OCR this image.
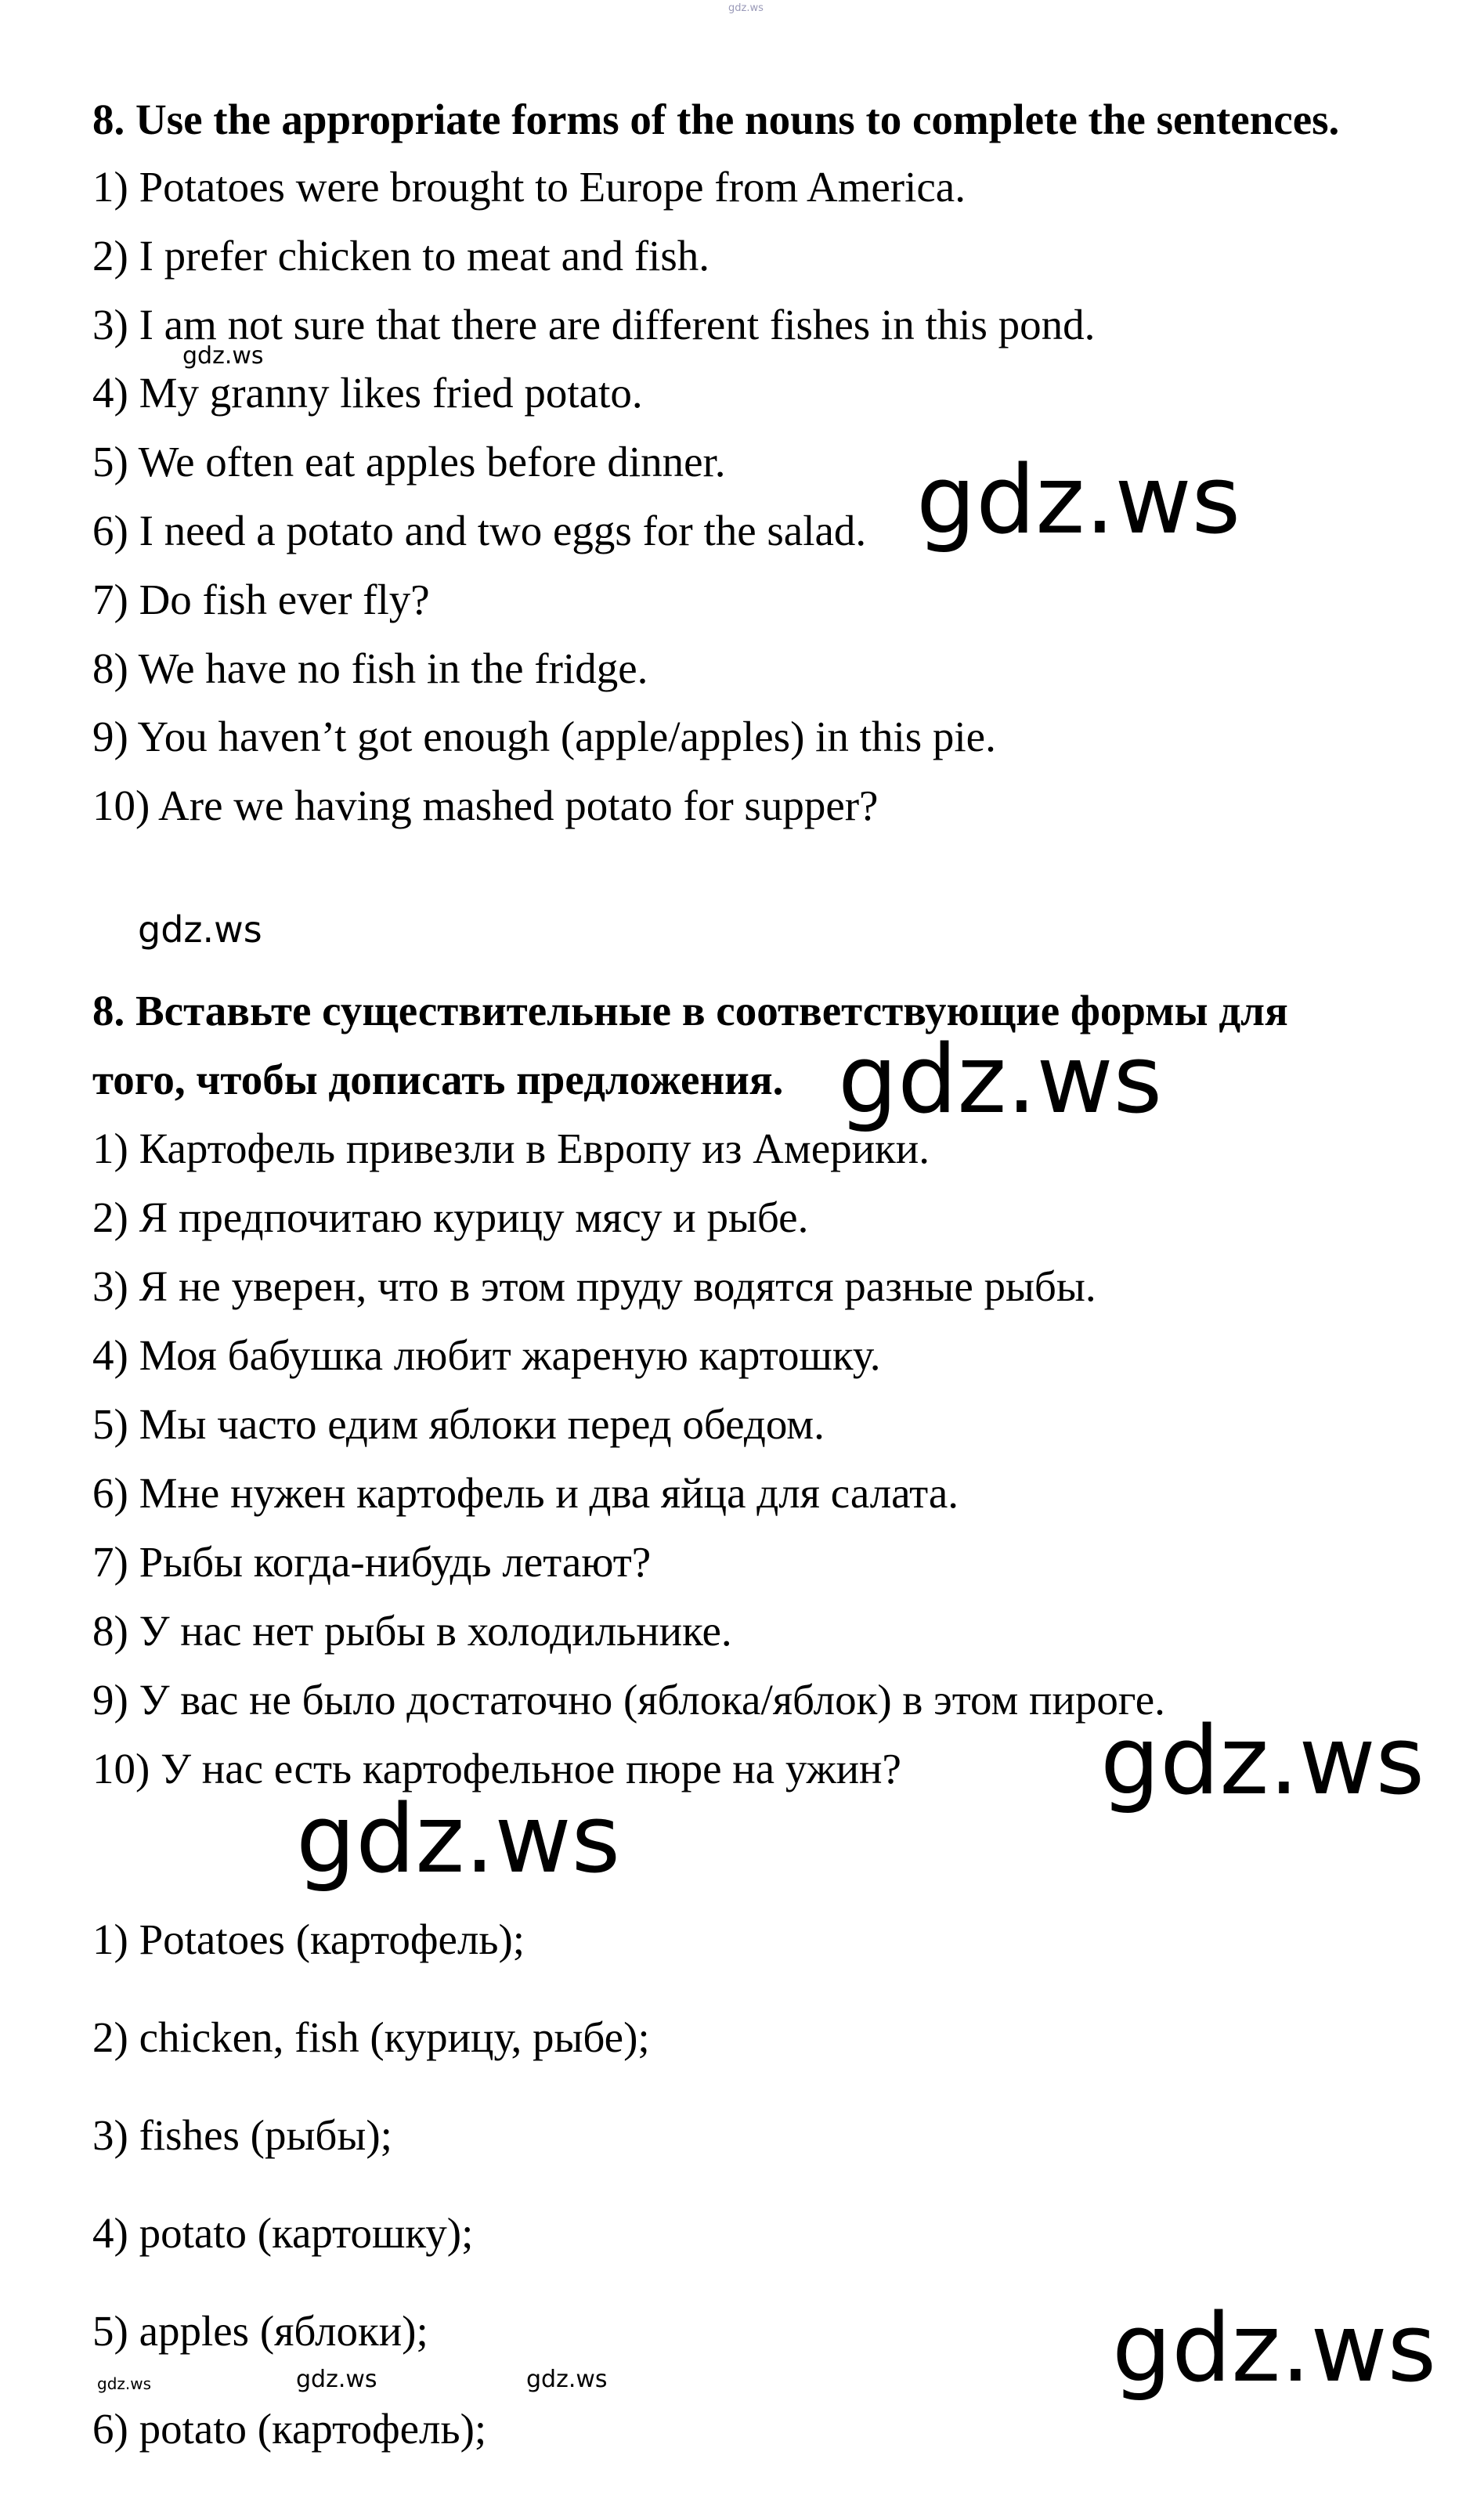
gdz.ws
8. Use the appropriate forms of the nouns to complete the sentences.
1) Potatoes were brought to Europe from America.
2) I prefer chicken to meat and fish.
3) I am not sure that there are different fishes in this pond.
4) My granny likes fried potato.
5) We often eat apples before dinner.
6) I need a potato and two eggs for the salad.
7) Do fish ever fly?
8) We have no fish in the fridge.
9) You haven’t got enough (apple/apples) in this pie.
10) Are we having mashed potato for supper?
8. Вставьте существительные в соответствующие формы для
того, чтобы дописать предложения.
1) Картофель привезли в Европу из Америки.
2) Я предпочитаю курицу мясу и рыбе.
3) Я не уверен, что в этом пруду водятся разные рыбы.
4) Моя бабушка любит жареную картошку.
5) Мы часто едим яблоки перед обедом.
6) Мне нужен картофель и два яйца для салата.
7) Рыбы когда-нибудь летают?
8) У нас нет рыбы в холодильнике.
9) У вас не было достаточно (яблока/яблок) в этом пироге.
10) У нас есть картофельное пюре на ужин?
1) Potatoes (картофель);
2) chicken, fish (курицу, рыбе);
3) fishes (рыбы);
4) potato (картошку);
5) apples (яблоки);
6) potato (картофель);
gdz.ws
gdz.ws
gdz.ws
gdz.ws
gdz.ws
gdz.ws
gdz.ws
gdz.ws	gdz.ws	gdz.ws
